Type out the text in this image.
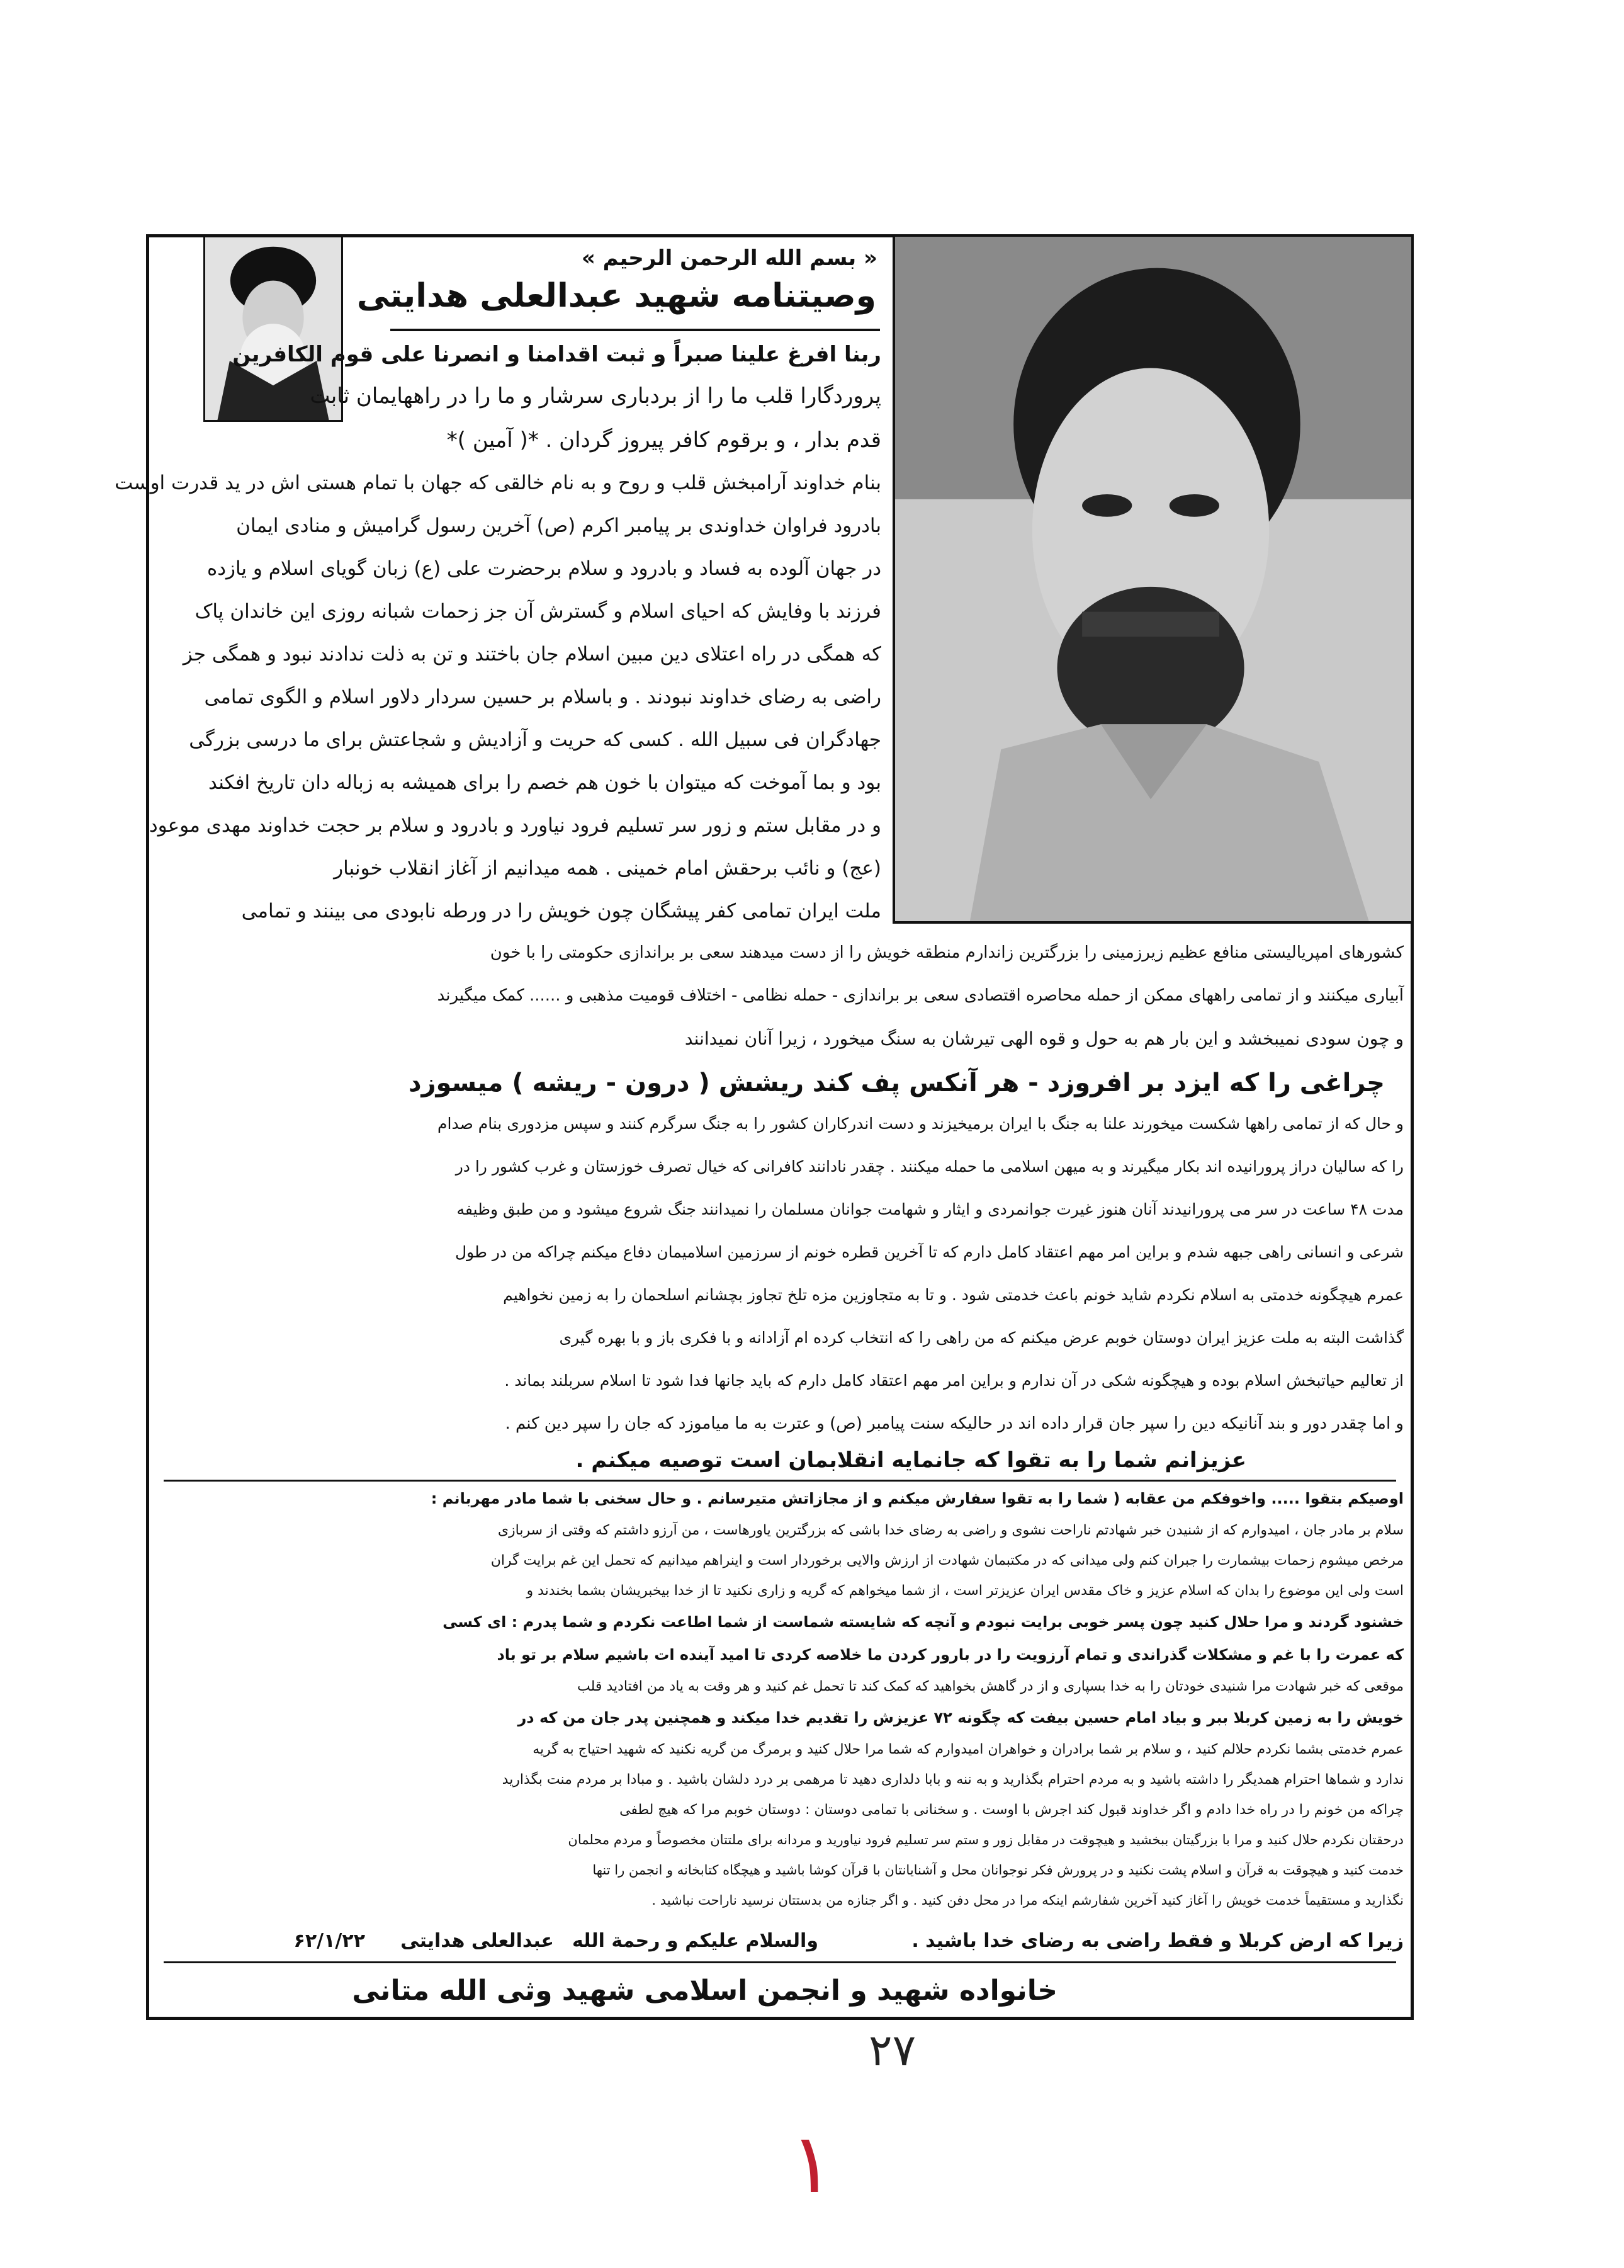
« بسم الله الرحمن الرحیم »
وصیتنامه شهید عبدالعلی هدایتی
ربنا افرغ علینا صبراً و ثبت اقدامنا و انصرنا علی قوم الکافرین
پروردگارا قلب ما را از بردباری سرشار و ما را در راههایمان ثابت
قدم بدار ، و برقوم کافر پیروز گردان . *( آمین )*
بنام خداوند آرامبخش قلب و روح و به نام خالقی که جهان با تمام هستی اش در ید قدرت اوست
بادرود فراوان خداوندی بر پیامبر اکرم (ص) آخرین رسول گرامیش و منادی ایمان
در جهان آلوده به فساد و بادرود و سلام برحضرت علی (ع) زبان گویای اسلام و یازده
فرزند با وفایش که احیای اسلام و گسترش آن جز زحمات شبانه روزی این خاندان پاک
که همگی در راه اعتلای دین مبین اسلام جان باختند و تن به ذلت ندادند نبود و همگی جز
راضی به رضای خداوند نبودند . و باسلام بر حسین سردار دلاور اسلام و الگوی تمامی
جهادگران فی سبیل الله . کسی که حریت و آزادیش و شجاعتش برای ما درسی بزرگی
بود و بما آموخت که میتوان با خون هم خصم را برای همیشه به زباله دان تاریخ افکند
و در مقابل ستم و زور سر تسلیم فرود نیاورد و بادرود و سلام بر حجت خداوند مهدی موعود
(عج) و نائب برحقش امام خمینی . همه میدانیم از آغاز انقلاب خونبار
ملت ایران تمامی کفر پیشگان چون خویش را در ورطه نابودی می بینند و تمامی
کشورهای امپریالیستی منافع عظیم زیرزمینی را بزرگترین زاندارم منطقه خویش را از دست میدهند سعی بر براندازی حکومتی را با خون
آبیاری میکنند و از تمامی راههای ممکن از حمله محاصره اقتصادی سعی بر براندازی - حمله نظامی - اختلاف قومیت مذهبی و ...... کمک میگیرند
و چون سودی نمیبخشد و این بار هم به حول و قوه الهی تیرشان به سنگ میخورد ، زیرا آنان نمیدانند
چراغی را که ایزد بر افروزد - هر آنکس پف کند ریشش ( درون - ریشه ) میسوزد
و حال که از تمامی راهها شکست میخورند علنا به جنگ با ایران برمیخیزند و دست اندرکاران کشور را به جنگ سرگرم کنند و سپس مزدوری بنام صدام
را که سالیان دراز پرورانیده اند بکار میگیرند و به میهن اسلامی ما حمله میکنند . چقدر نادانند کافرانی که خیال تصرف خوزستان و غرب کشور را در
مدت ۴۸ ساعت در سر می پرورانیدند آنان هنوز غیرت جوانمردی و ایثار و شهامت جوانان مسلمان را نمیدانند جنگ شروع میشود و من طبق وظیفه
شرعی و انسانی راهی جبهه شدم و براین امر مهم اعتقاد کامل دارم که تا آخرین قطره خونم از سرزمین اسلامیمان دفاع میکنم چراکه من در طول
عمرم هیچگونه خدمتی به اسلام نکردم شاید خونم باعث خدمتی شود . و تا به متجاوزین مزه تلخ تجاوز بچشانم اسلحمان را به زمین نخواهیم
گذاشت البته به ملت عزیز ایران دوستان خوبم عرض میکنم که من راهی را که انتخاب کرده ام آزادانه و با فکری باز و با بهره گیری
از تعالیم حیاتبخش اسلام بوده و هیچگونه شکی در آن ندارم و براین امر مهم اعتقاد کامل دارم که باید جانها فدا شود تا اسلام سربلند بماند .
و اما چقدر دور و بند آنانیکه دین را سپر جان قرار داده اند در حالیکه سنت پیامبر (ص) و عترت به ما میاموزد که جان را سپر دین کنم .
عزیزانم شما را به تقوا که جانمایه انقلابمان است توصیه میکنم .
اوصیکم بتقوا ..... واخوفکم من عقابه ( شما را به تقوا سفارش میکنم و از مجازاتش متیرسانم . و حال سخنی با شما مادر مهربانم :
سلام بر مادر جان ، امیدوارم که از شنیدن خبر شهادتم ناراحت نشوی و راضی به رضای خدا باشی که بزرگترین یاورهاست ، من آرزو داشتم که وقتی از سربازی
مرخص میشوم زحمات بیشمارت را جبران کنم ولی میدانی که در مکتبمان شهادت از ارزش والایی برخوردار است و اینراهم میدانیم که تحمل این غم برایت گران
است ولی این موضوع را بدان که اسلام عزیز و خاک مقدس ایران عزیزتر است ، از شما میخواهم که گریه و زاری نکنید تا از خدا بیخبریشان بشما بخندند و
خشنود گردند و مرا حلال کنید چون پسر خوبی برایت نبودم و آنچه که شایسته شماست از شما اطاعت نکردم و شما پدرم : ای کسی
که عمرت را با غم و مشکلات گذراندی و تمام آرزویت را در بارور کردن ما خلاصه کردی تا امید آینده ات باشیم سلام بر تو باد
موقعی که خبر شهادت مرا شنیدی خودتان را به خدا بسپاری و از در گاهش بخواهید که کمک کند تا تحمل غم کنید و هر وقت به یاد من افتادید قلب
خویش را به زمین کربلا ببر و بیاد امام حسین بیفت که چگونه ۷۲ عزیزش را تقدیم خدا میکند و همچنین پدر جان من که در
عمرم خدمتی بشما نکردم حلالم کنید ، و سلام بر شما برادران و خواهران امیدوارم که شما مرا حلال کنید و برمرگ من گریه نکنید که شهید احتیاج به گریه
ندارد و شماها احترام همدیگر را داشته باشید و به مردم احترام بگذارید و به ننه و بابا دلداری دهید تا مرهمی بر درد دلشان باشید . و مبادا بر مردم منت بگذارید
چراکه من خونم را در راه خدا دادم و اگر خداوند قبول کند اجرش با اوست . و سخنانی با تمامی دوستان : دوستان خوبم مرا که هیچ لطفی
درحقتان نکردم حلال کنید و مرا با بزرگیتان ببخشید و هیچوقت در مقابل زور و ستم سر تسلیم فرود نیاورید و مردانه برای ملتتان مخصوصاً و مردم محلمان
خدمت کنید و هیچوقت به قرآن و اسلام پشت نکنید و در پرورش فکر نوجوانان محل و آشنایانتان با قرآن کوشا باشید و هیچگاه کتابخانه و انجمن را تنها
نگذارید و مستقیماً خدمت خویش را آغاز کنید آخرین شفارشم اینکه مرا در محل دفن کنید . و اگر جنازه من بدستتان نرسید ناراحت نباشید .
زیرا که ارض کربلا و فقط راضی به رضای خدا باشید .
والسلام علیکم و رحمة الله
عبدالعلی هدایتی
۶۲/۱/۲۲
خانواده شهید و انجمن اسلامی شهید وثی الله متانی
۲۷
۱
